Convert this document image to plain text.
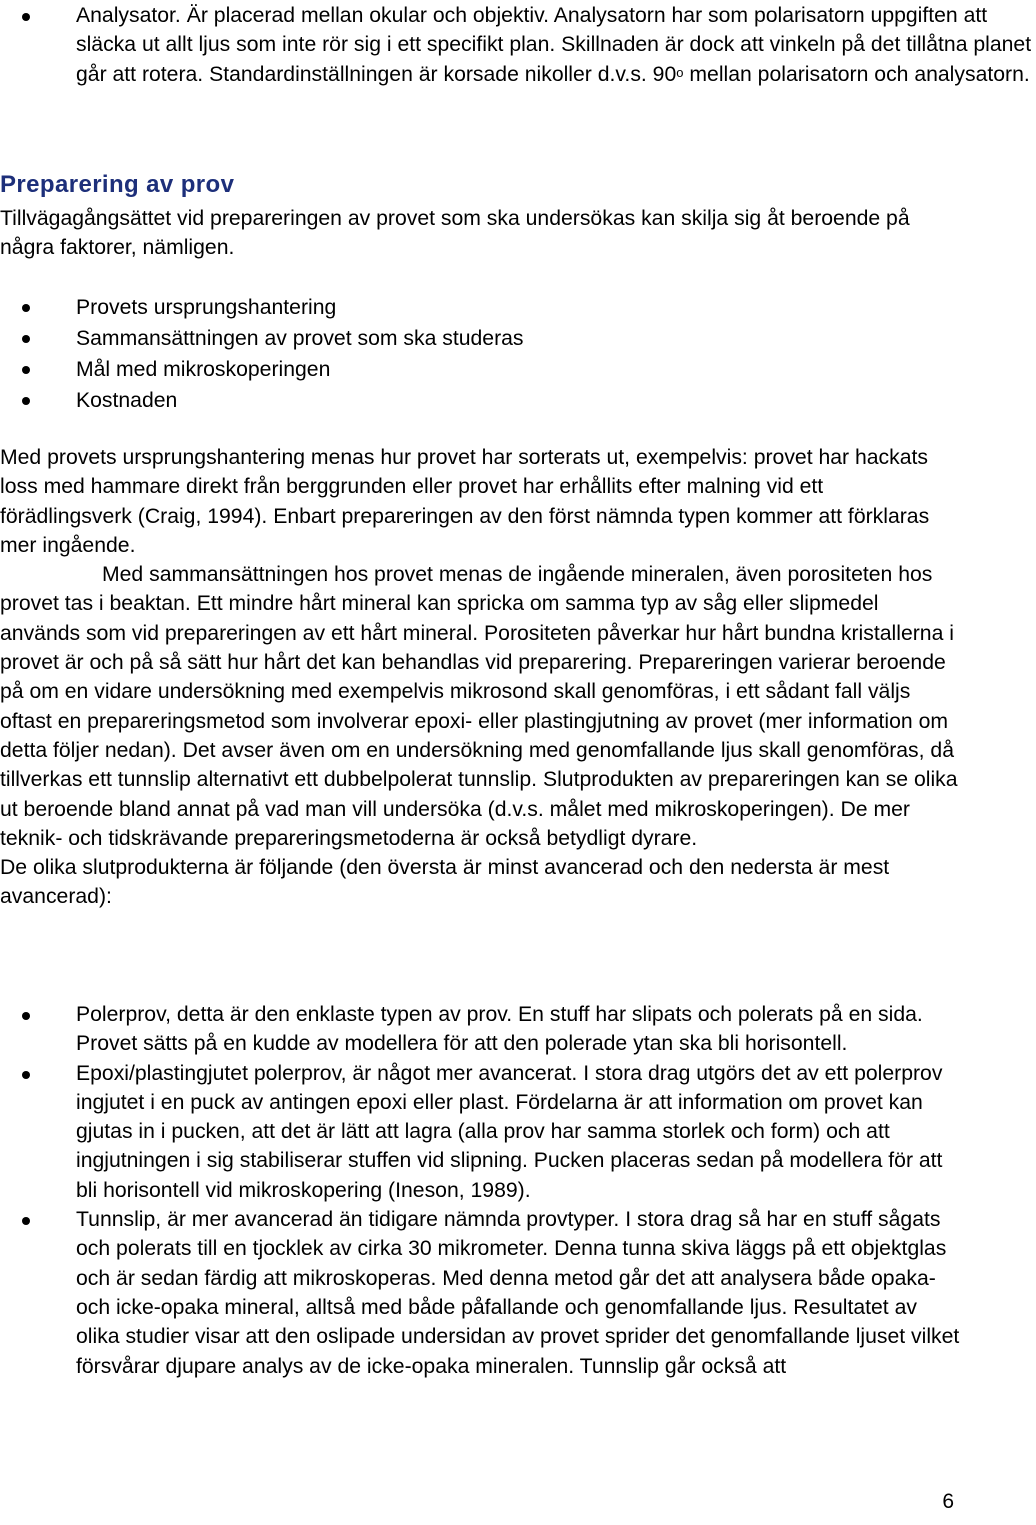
Analysator. Är placerad mellan okular och objektiv. Analysatorn har som polarisatorn uppgiften att släcka ut allt ljus som inte rör sig i ett specifikt plan. Skillnaden är dock att vinkeln på det tillåtna planet går att rotera. Standardinställningen är korsade nikoller d.v.s. 90$^o$ mellan polarisatorn och analysatorn.
Preparering av prov

Tillvägagångsättet vid prepareringen av provet som ska undersökas kan skilja sig åt beroende på några faktorer, nämligen.

Provets ursprungshantering
Sammansättningen av provet som ska studeras
Mål med mikroskoperingen
Kostnaden

Med provets ursprungshantering menas hur provet har sorterats ut, exempelvis: provet har hackats loss med hammare direkt från berggrunden eller provet har erhållits efter malning vid ett förädlingsverk (Craig, 1994). Enbart prepareringen av den först nämnda typen kommer att förklaras mer ingående.

Med sammansättningen hos provet menas de ingående mineralen, även porositeten hos provet tas i beaktan. Ett mindre hårt mineral kan spricka om samma typ av såg eller slipmedel används som vid prepareringen av ett hårt mineral. Porositeten påverkar hur hårt bundna kristallerna i provet är och på så sätt hur hårt det kan behandlas vid preparering. Prepareringen varierar beroende på om en vidare undersökning med exempelvis mikrosond skall genomföras, i ett sådant fall väljs oftast en prepareringsmetod som involverar epoxi- eller plastingjutning av provet (mer information om detta följer nedan). Det avser även om en undersökning med genomfallande ljus skall genomföras, då tillverkas ett tunnslip alternativt ett dubbelpolerat tunnslip. Slutprodukten av prepareringen kan se olika ut beroende bland annat på vad man vill undersöka (d.v.s. målet med mikroskoperingen). De mer teknik- och tidskrävande prepareringsmetoderna är också betydligt dyrare.

De olika slutprodukterna är följande (den översta är minst avancerad och den nedersta är mest avancerad):

Polerprov, detta är den enklaste typen av prov. En stuff har slipats och polerats på en sida. Provet sätts på en kudde av modellera för att den polerade ytan ska bli horisontell.
Epoxi/plastingjutet polerprov, är något mer avancerat. I stora drag utgörs det av ett polerprov ingjutet i en puck av antingen epoxi eller plast. Fördelarna är att information om provet kan gjutas in i pucken, att det är lätt att lagra (alla prov har samma storlek och form) och att ingjutningen i sig stabiliserar stuffen vid slipning. Pucken placeras sedan på modellera för att bli horisontell vid mikroskopering (Ineson, 1989).
Tunnslip, är mer avancerad än tidigare nämnda provtyper. I stora drag så har en stuff sågats och polerats till en tjocklek av cirka 30 mikrometer. Denna tunna skiva läggs på ett objektglas och är sedan färdig att mikroskoperas. Med denna metod går det att analysera både opaka- och icke-opaka mineral, alltså med både påfallande och genomfallande ljus. Resultatet av olika studier visar att den oslipade undersidan av provet sprider det genomfallande ljuset vilket försvårar djupare analys av de icke-opaka mineralen. Tunnslip går också att

6
